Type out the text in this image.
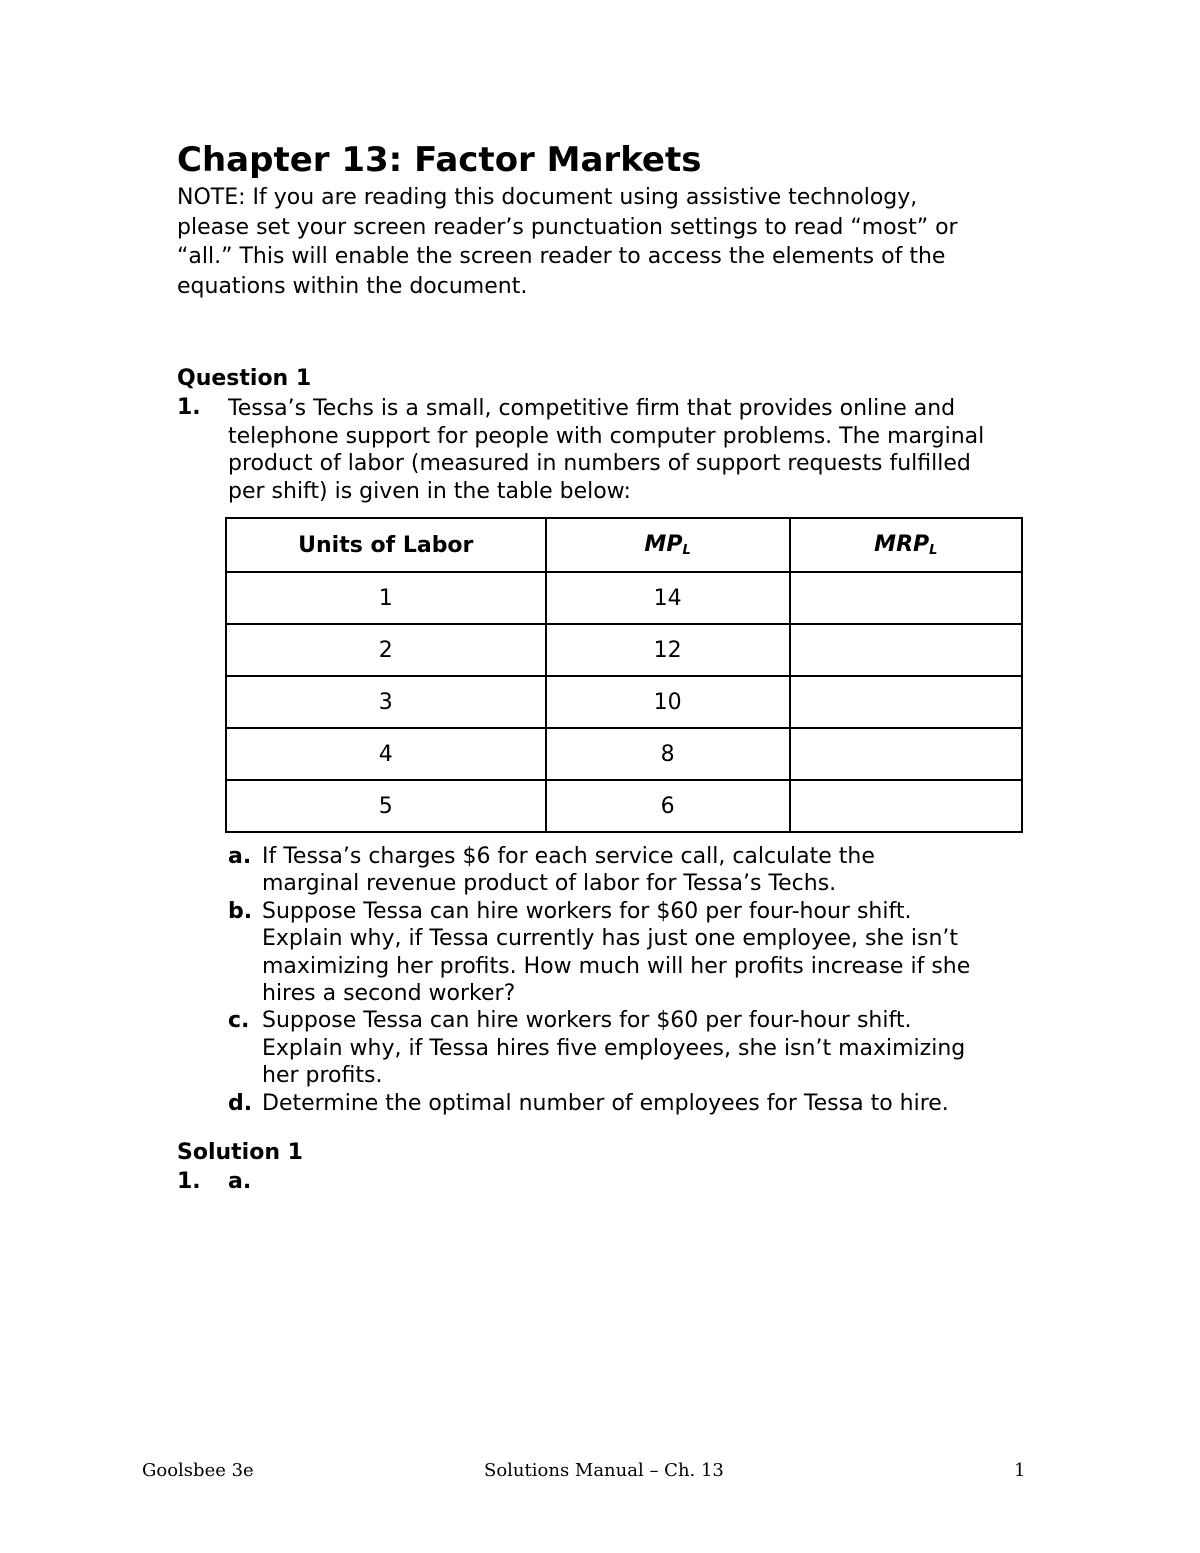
Chapter 13: Factor Markets
NOTE: If you are reading this document using assistive technology,
please set your screen reader’s punctuation settings to read “most” or
“all.” This will enable the screen reader to access the elements of the
equations within the document.
Question 1
1. Tessa’s Techs is a small, competitive firm that provides online and
telephone support for people with computer problems. The marginal
product of labor (measured in numbers of support requests fulfilled
per shift) is given in the table below:
Units of Labor	$MP_L$	$MRP_L$
1	14	
2	12	
3	10	
4	8	
5	6	
a. If Tessa’s charges $6 for each service call, calculate the
marginal revenue product of labor for Tessa’s Techs.
b. Suppose Tessa can hire workers for $60 per four-hour shift.
Explain why, if Tessa currently has just one employee, she isn’t
maximizing her profits. How much will her profits increase if she
hires a second worker?
c. Suppose Tessa can hire workers for $60 per four-hour shift.
Explain why, if Tessa hires five employees, she isn’t maximizing
her profits.
d. Determine the optimal number of employees for Tessa to hire.
Solution 1
1. a.
Goolsbee 3e	Solutions Manual – Ch. 13	1
